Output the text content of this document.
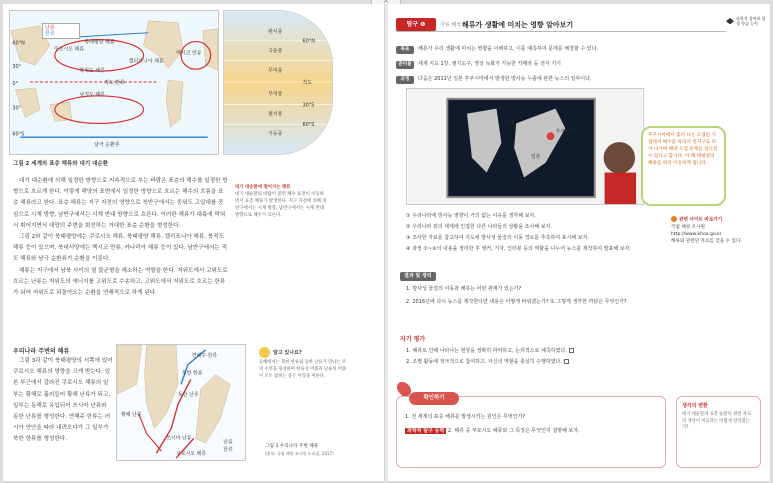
쿠로시오 해류
북태평양 해류
캘리포니아 해류
멕시코 만류
북적도 해류
남적도 해류
적도 반류
남극 순환류
60°N
30°
0°
30°
60°S
난류
한류	편서풍
60°N
극동풍
무역풍
적도
무역풍
편서풍
30°S
극동풍
60°S
그림 2 세계의 표층 해류와 대기 대순환

대기 대순환에 의해 일정한 방향으로 지속적으로 부는 바람은 표층의 해수를 일정한 방향으로 흐르게 한다. 이렇게 해양의 표면에서 일정한 방향으로 흐르는 해수의 흐름을 표층 해류라고 한다. 표층 해류는 지구 자전의 영향으로 북반구에서는 중위도 고압대를 중심으로 시계 방향, 남반구에서는 시계 반대 방향으로 흐른다. 이러한 해류가 대륙에 막혀서 휘어지면서 대양의 주변을 회전하는 거대한 표층 순환을 형성한다.

그림 2와 같이 북태평양에는 쿠로시오 해류, 북태평양 해류, 캘리포니아 해류, 북적도 해류 등이 있으며, 북대서양에는 멕시코 만류, 카나리아 해류 등이 있다. 남반구에서는 적도 해류와 남극 순환류가 순환을 이룬다.

해류는 지구에서 남북 사이의 열 불균형을 해소하는 역할을 한다. 저위도에서 고위도로 흐르는 난류는 저위도의 에너지를 고위도로 수송하고, 고위도에서 저위도로 흐르는 한류가 되어 저위도로 되돌아오는 순환을 연쇄적으로 하게 된다.

대기 대순환에 떨어지는 해류
대기 대순환의 바람이 불면 해수 표면이 이동하면서 표층 해류가 발생한다. 지구 자전에 의해 북반구에서는 시계 방향, 남반구에서는 시계 반대 방향으로 해수가 흐른다.
우리나라 주변의 해류

그림 3과 같이 북태평양의 서쪽에 있어 쿠로시오 해류의 영향을 크게 받는다. 일본 부근에서 갈라진 쿠로시오 해류의 일부는 황해로 흘러들어 황해 난류가 되고, 일부는 동해로 유입되어 쓰시마 난류와 동한 난류를 형성한다. 연해주 한류는 러시아 연안을 따라 내려오다가 그 일부가 북한 한류를 형성한다.

연해주 한류
북한 한류
동한 난류
황해 난류
쓰시마 난류
쿠로시오 해류
난류
한류
알고 있나요?
동해에서는 북한 한류와 동한 난류가 만나는 조경 수역을 형성하며 한류성 어종과 난류성 어종이 모두 잡히는 좋은 어장을 이룬다.
그림 3 우리나라 주변 해류
(출처: 국립 해양 조사원 누리집, 2017)
탐구 ❶	자료 해석 해류가 생활에 미치는 영향 알아보기
과학적 참여와 평생 학습 능력
목표 해류가 우리 생활에 미치는 영향을 이해하고, 이를 예측하여 문제를 해결할 수 있다.
준비물 세계 지도 1장, 필기도구, 영상 녹화가 가능한 카메라 등 전자 기기
과정 다음은 2011년 일본 후쿠시마에서 발생한 방사능 누출에 관한 뉴스의 일부이다.
동해
일본
후쿠시마
후쿠시마에서 흘러 나온 오염된 지점에서 해수를 따라서 전지구로 퍼져 나가며 해양 오염 문제를 일으킬 수 있다고 합니다. 이 때 태평양의 해류를 따라 이동하게 됩니다.
관련 사이트 바로가기
국립 해양 조사원
http://www.khoa.go.kr
해류와 관련된 자료를 얻을 수 있다.
① 우리나라에 방사능 영향이 거의 없는 이유를 생각해 보자.
② 우리나라 외의 세계에 인접한 다른 나라들의 상황을 조사해 보자.
③ 조사한 자료를 참고하여 지도에 방사성 물질의 이동 경로를 추측하여 표시해 보자.
④ 과정 ①~③의 내용을 정리한 후 앵커, 기자, 인터뷰 등의 역할을 나누어 뉴스를 제작하여 발표해 보자.
결과 및 정리
1. 방사성 물질의 이동과 해류는 어떤 관계가 있는가?
2. 2016년에 다시 뉴스를 제작한다면 내용은 어떻게 바뀌겠는가? 또 그렇게 생각한 까닭은 무엇인가?
자기 평가
1. 해류로 인해 나타나는 현상을 정확히 파악하고, 논리적으로 예측하였다.
2. 조별 활동에 적극적으로 참여하고, 자신의 역할을 충실히 수행하였다.
확인하기
1. 전 세계의 표층 해류를 발생시키는 원인은 무엇인가?
과학적 탐구 능력 2. 해류 중 쿠로시오 해류와 그 특징은 무엇인지 설명해 보자.
생각의 변환
대기 대순환과 표층 순환의 관련 자료의 생각이 처음과는 어떻게 달라졌는가?
